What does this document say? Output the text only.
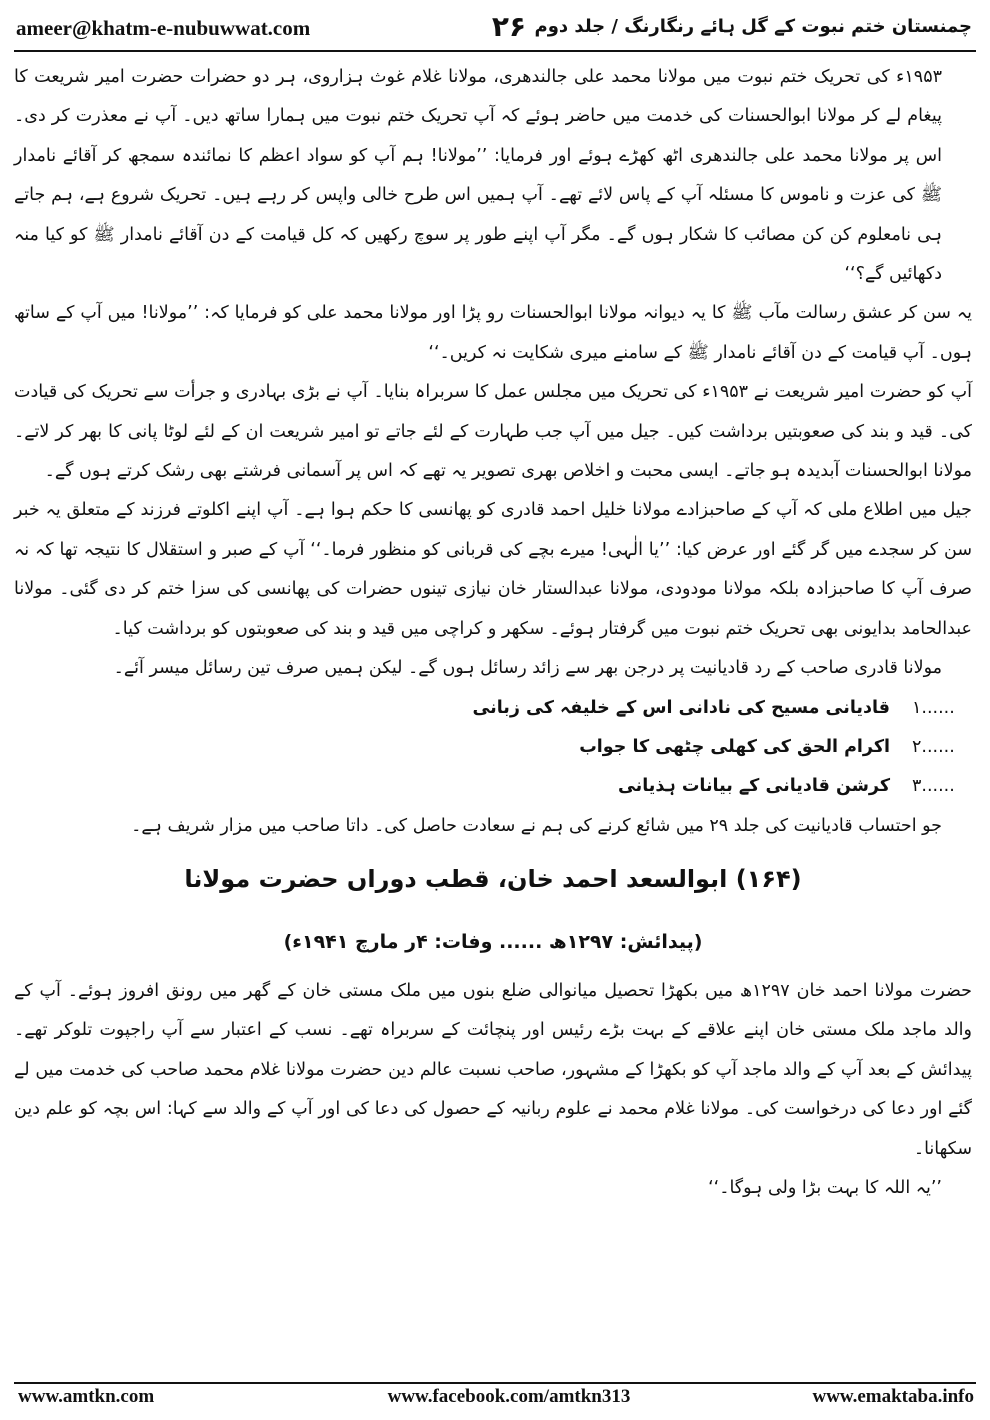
ameer@khatm-e-nubuwwat.com	۲۶ چمنستان ختم نبوت کے گل ہائے رنگارنگ / جلد دوم

۱۹۵۳ء کی تحریک ختم نبوت میں مولانا محمد علی جالندھری، مولانا غلام غوث ہزاروی، ہر دو حضرات حضرت امیر شریعت کا پیغام لے کر مولانا ابوالحسنات کی خدمت میں حاضر ہوئے کہ آپ تحریک ختم نبوت میں ہمارا ساتھ دیں۔ آپ نے معذرت کر دی۔ اس پر مولانا محمد علی جالندھری اٹھ کھڑے ہوئے اور فرمایا: ’’مولانا! ہم آپ کو سواد اعظم کا نمائندہ سمجھ کر آقائے نامدار ﷺ کی عزت و ناموس کا مسئلہ آپ کے پاس لائے تھے۔ آپ ہمیں اس طرح خالی واپس کر رہے ہیں۔ تحریک شروع ہے، ہم جاتے ہی نامعلوم کن کن مصائب کا شکار ہوں گے۔ مگر آپ اپنے طور پر سوچ رکھیں کہ کل قیامت کے دن آقائے نامدار ﷺ کو کیا منہ دکھائیں گے؟‘‘

یہ سن کر عشق رسالت مآب ﷺ کا یہ دیوانہ مولانا ابوالحسنات رو پڑا اور مولانا محمد علی کو فرمایا کہ: ’’مولانا! میں آپ کے ساتھ ہوں۔ آپ قیامت کے دن آقائے نامدار ﷺ کے سامنے میری شکایت نہ کریں۔‘‘

آپ کو حضرت امیر شریعت نے ۱۹۵۳ء کی تحریک میں مجلس عمل کا سربراہ بنایا۔ آپ نے بڑی بہادری و جرأت سے تحریک کی قیادت کی۔ قید و بند کی صعوبتیں برداشت کیں۔ جیل میں آپ جب طہارت کے لئے جاتے تو امیر شریعت ان کے لئے لوٹا پانی کا بھر کر لاتے۔ مولانا ابوالحسنات آبدیدہ ہو جاتے۔ ایسی محبت و اخلاص بھری تصویر یہ تھے کہ اس پر آسمانی فرشتے بھی رشک کرتے ہوں گے۔

جیل میں اطلاع ملی کہ آپ کے صاحبزادے مولانا خلیل احمد قادری کو پھانسی کا حکم ہوا ہے۔ آپ اپنے اکلوتے فرزند کے متعلق یہ خبر سن کر سجدے میں گر گئے اور عرض کیا: ’’یا الٰہی! میرے بچے کی قربانی کو منظور فرما۔‘‘ آپ کے صبر و استقلال کا نتیجہ تھا کہ نہ صرف آپ کا صاحبزادہ بلکہ مولانا مودودی، مولانا عبدالستار خان نیازی تینوں حضرات کی پھانسی کی سزا ختم کر دی گئی۔ مولانا عبدالحامد بدایونی بھی تحریک ختم نبوت میں گرفتار ہوئے۔ سکھر و کراچی میں قید و بند کی صعوبتوں کو برداشت کیا۔

مولانا قادری صاحب کے رد قادیانیت پر درجن بھر سے زائد رسائل ہوں گے۔ لیکن ہمیں صرف تین رسائل میسر آئے۔

۱......
قادیانی مسیح کی نادانی اس کے خلیفہ کی زبانی
۲......
اکرام الحق کی کھلی چٹھی کا جواب
۳......
کرشن قادیانی کے بیانات ہذیانی

جو احتساب قادیانیت کی جلد ۲۹ میں شائع کرنے کی ہم نے سعادت حاصل کی۔ داتا صاحب میں مزار شریف ہے۔

(۱۶۴) ابوالسعد احمد خان، قطب دوراں حضرت مولانا
(پیدائش: ۱۲۹۷ھ ...... وفات: ۴ر مارچ ۱۹۴۱ء)

حضرت مولانا احمد خان ۱۲۹۷ھ میں بکھڑا تحصیل میانوالی ضلع بنوں میں ملک مستی خان کے گھر میں رونق افروز ہوئے۔ آپ کے والد ماجد ملک مستی خان اپنے علاقے کے بہت بڑے رئیس اور پنچائت کے سربراہ تھے۔ نسب کے اعتبار سے آپ راجپوت تلوکر تھے۔ پیدائش کے بعد آپ کے والد ماجد آپ کو بکھڑا کے مشہور، صاحب نسبت عالم دین حضرت مولانا غلام محمد صاحب کی خدمت میں لے گئے اور دعا کی درخواست کی۔ مولانا غلام محمد نے علوم ربانیہ کے حصول کی دعا کی اور آپ کے والد سے کہا: اس بچہ کو علم دین سکھانا۔

’’یہ اللہ کا بہت بڑا ولی ہوگا۔‘‘

www.amtkn.com	www.facebook.com/amtkn313	www.emaktaba.info
